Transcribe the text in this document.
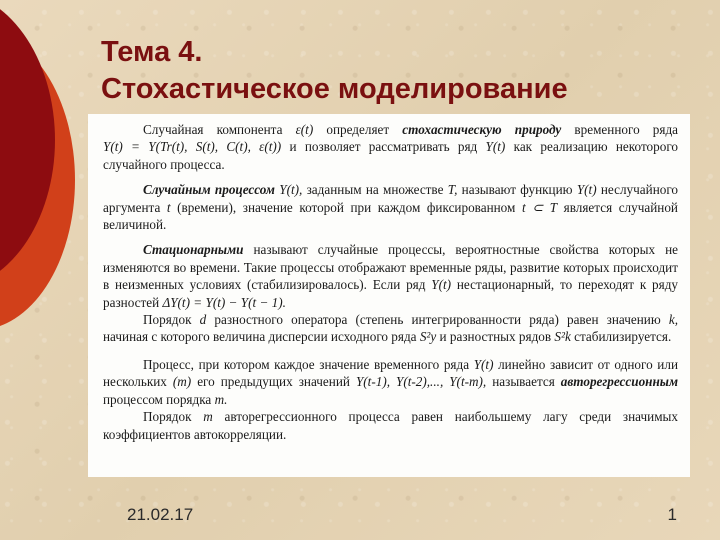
Тема 4.
Стохастическое моделирование

Случайная компонента ε(t) определяет стохастическую природу временного ряда Y(t) = Y(Tr(t), S(t), C(t), ε(t)) и позволяет рассматривать ряд Y(t) как реализацию некоторого случайного процесса.

Случайным процессом Y(t), заданным на множестве T, называют функцию Y(t) неслучайного аргумента t (времени), значение которой при каждом фиксированном t ⊂ T является случайной величиной.

Стационарными называют случайные процессы, вероятностные свойства которых не изменяются во времени. Такие процессы отображают временные ряды, развитие которых происходит в неизменных условиях (стабилизировалось). Если ряд Y(t) нестационарный, то переходят к ряду разностей ΔY(t) = Y(t) − Y(t − 1).

Порядок d разностного оператора (степень интегрированности ряда) равен значению k, начиная с которого величина дисперсии исходного ряда S²y и разностных рядов S²k стабилизируется.

Процесс, при котором каждое значение временного ряда Y(t) линейно зависит от одного или нескольких (m) его предыдущих значений Y(t-1), Y(t-2),..., Y(t-m), называется авторегрессионным процессом порядка m.

Порядок m авторегрессионного процесса равен наибольшему лагу среди значимых коэффициентов автокорреляции.

21.02.17	1
